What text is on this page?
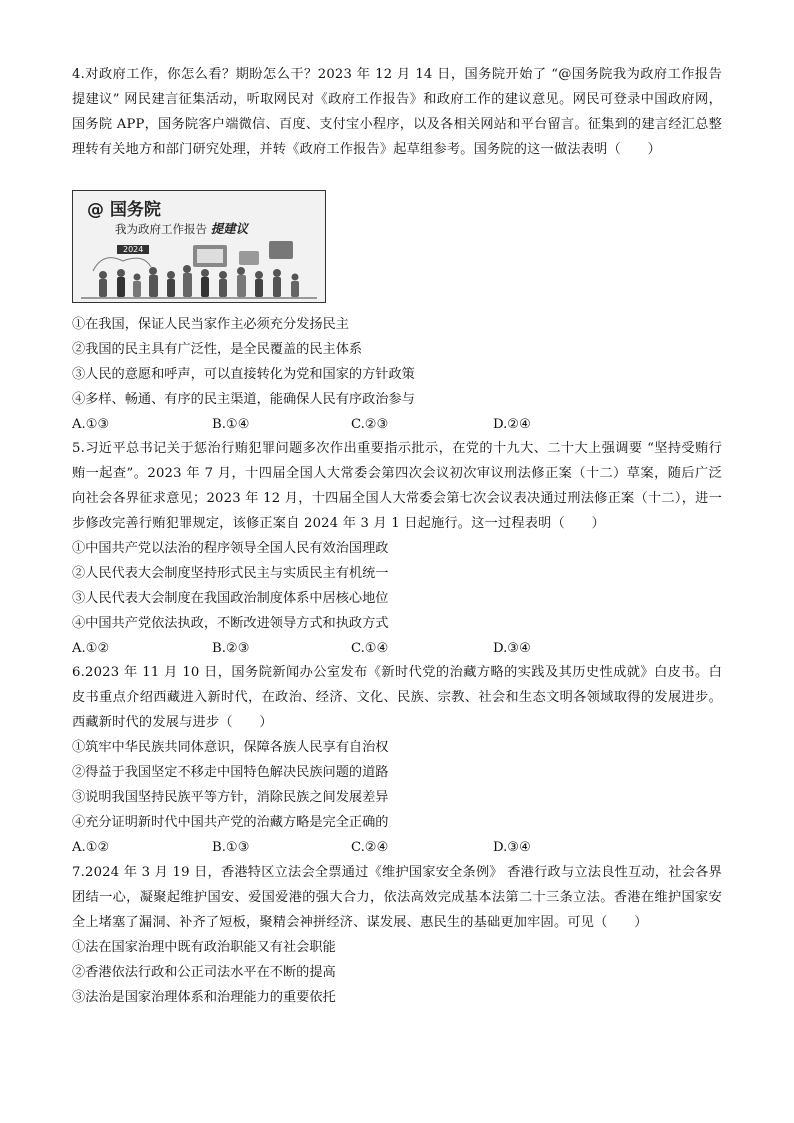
4.对政府工作，你怎么看？期盼怎么干？2023 年 12 月 14 日，国务院开始了 “@国务院我为政府工作报告提建议” 网民建言征集活动，听取网民对《政府工作报告》和政府工作的建议意见。网民可登录中国政府网，国务院 APP，国务院客户端微信、百度、支付宝小程序，以及各相关网站和平台留言。征集到的建言经汇总整理转有关地方和部门研究处理，并转《政府工作报告》起草组参考。国务院的这一做法表明（　　）

@ 国务院
我为政府工作报告 提建议
2024

①在我国，保证人民当家作主必须充分发扬民主

②我国的民主具有广泛性，是全民覆盖的民主体系

③人民的意愿和呼声，可以直接转化为党和国家的方针政策

④多样、畅通、有序的民主渠道，能确保人民有序政治参与

A.①③	B.①④	C.②③	D.②④

5.习近平总书记关于惩治行贿犯罪问题多次作出重要指示批示，在党的十九大、二十大上强调要 “坚持受贿行贿一起查”。2023 年 7 月，十四届全国人大常委会第四次会议初次审议刑法修正案（十二）草案，随后广泛向社会各界征求意见；2023 年 12 月，十四届全国人大常委会第七次会议表决通过刑法修正案（十二），进一步修改完善行贿犯罪规定，该修正案自 2024 年 3 月 1 日起施行。这一过程表明（　　）

①中国共产党以法治的程序领导全国人民有效治国理政

②人民代表大会制度坚持形式民主与实质民主有机统一

③人民代表大会制度在我国政治制度体系中居核心地位

④中国共产党依法执政，不断改进领导方式和执政方式

A.①②	B.②③	C.①④	D.③④

6.2023 年 11 月 10 日，国务院新闻办公室发布《新时代党的治藏方略的实践及其历史性成就》白皮书。白皮书重点介绍西藏进入新时代，在政治、经济、文化、民族、宗教、社会和生态文明各领域取得的发展进步。西藏新时代的发展与进步（　　）

①筑牢中华民族共同体意识，保障各族人民享有自治权

②得益于我国坚定不移走中国特色解决民族问题的道路

③说明我国坚持民族平等方针，消除民族之间发展差异

④充分证明新时代中国共产党的治藏方略是完全正确的

A.①②	B.①③	C.②④	D.③④

7.2024 年 3 月 19 日，香港特区立法会全票通过《维护国家安全条例》 香港行政与立法良性互动，社会各界团结一心，凝聚起维护国安、爱国爱港的强大合力，依法高效完成基本法第二十三条立法。香港在维护国家安全上堵塞了漏洞、补齐了短板，聚精会神拼经济、谋发展、惠民生的基础更加牢固。可见（　　）

①法在国家治理中既有政治职能又有社会职能

②香港依法行政和公正司法水平在不断的提高

③法治是国家治理体系和治理能力的重要依托
